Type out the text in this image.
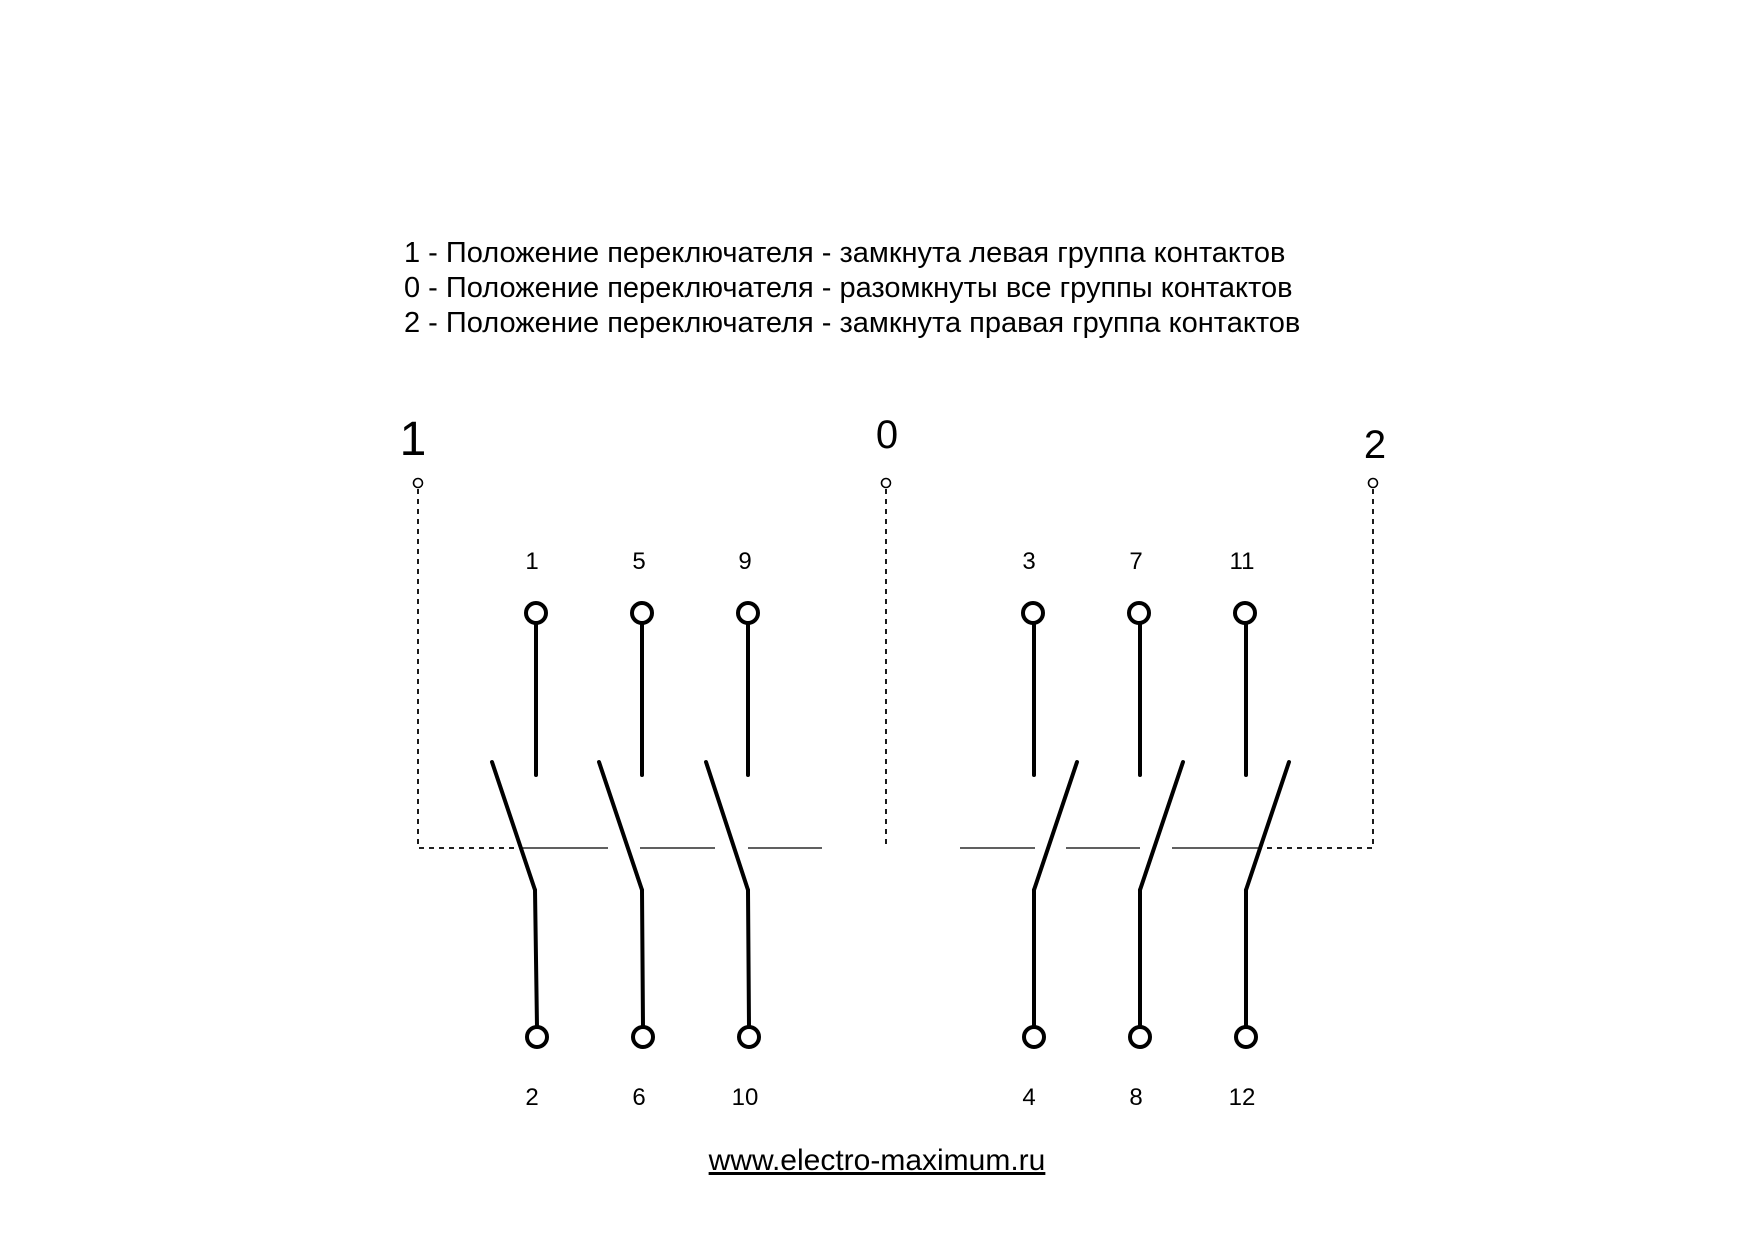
1 - Положение переключателя - замкнута левая группа контактов
0 - Положение переключателя - разомкнуты все группы контактов
2 - Положение переключателя - замкнута правая группа контактов
1	0	2
1	5	9	3	7	11
2	6	10	4	8	12
www.electro-maximum.ru
